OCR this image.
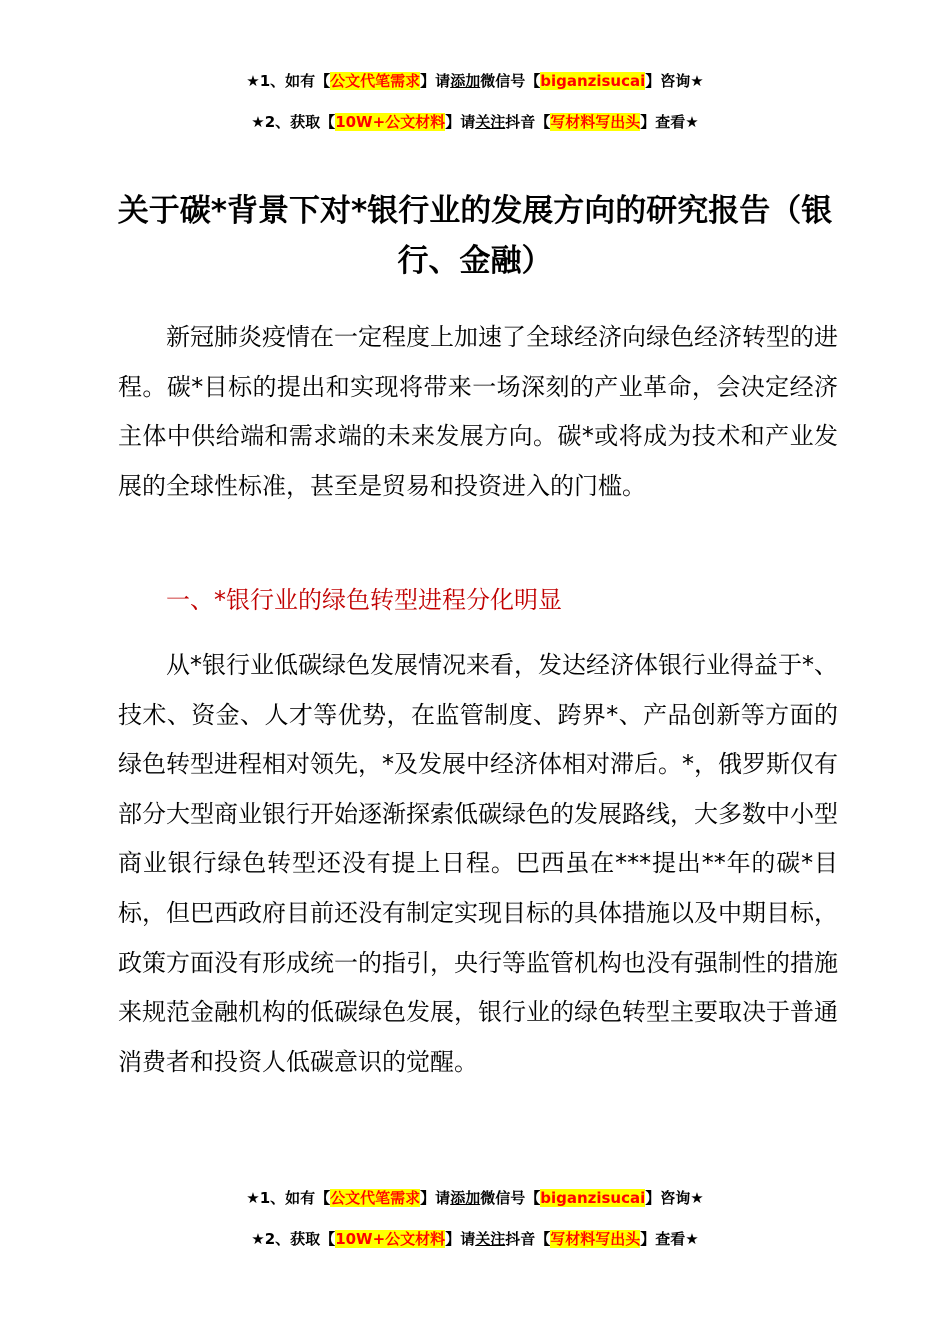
★1、如有【公文代笔需求】请添加微信号【biganzisucai】咨询★
★2、获取【10W+公文材料】请关注抖音【写材料写出头】查看★
关于碳*背景下对*银行业的发展方向的研究报告（银行、金融）

新冠肺炎疫情在一定程度上加速了全球经济向绿色经济转型的进程。碳*目标的提出和实现将带来一场深刻的产业革命，会决定经济主体中供给端和需求端的未来发展方向。碳*或将成为技术和产业发展的全球性标准，甚至是贸易和投资进入的门槛。

一、*银行业的绿色转型进程分化明显

从*银行业低碳绿色发展情况来看，发达经济体银行业得益于*、技术、资金、人才等优势，在监管制度、跨界*、产品创新等方面的绿色转型进程相对领先，*及发展中经济体相对滞后。*，俄罗斯仅有部分大型商业银行开始逐渐探索低碳绿色的发展路线，大多数中小型商业银行绿色转型还没有提上日程。巴西虽在***提出**年的碳*目标，但巴西政府目前还没有制定实现目标的具体措施以及中期目标，政策方面没有形成统一的指引，央行等监管机构也没有强制性的措施来规范金融机构的低碳绿色发展，银行业的绿色转型主要取决于普通消费者和投资人低碳意识的觉醒。

★1、如有【公文代笔需求】请添加微信号【biganzisucai】咨询★
★2、获取【10W+公文材料】请关注抖音【写材料写出头】查看★
